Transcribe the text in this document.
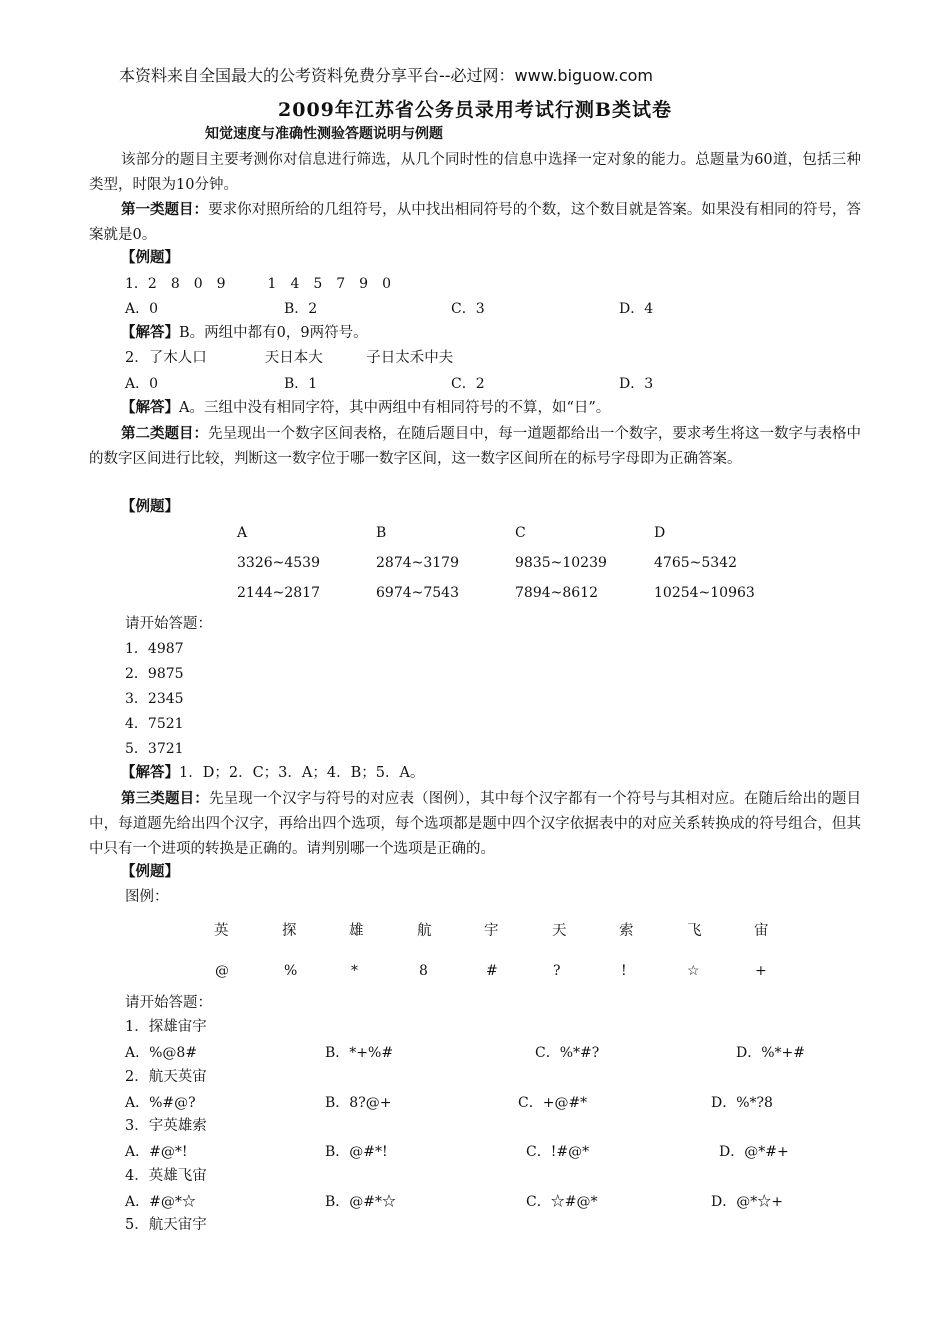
本资料来自全国最大的公考资料免费分享平台--必过网：www.biguow.com
2009年江苏省公务员录用考试行测B类试卷
知觉速度与准确性测验答题说明与例题
该部分的题目主要考测你对信息进行筛选，从几个同时性的信息中选择一定对象的能力。总题量为60道，包括三种类型，时限为10分钟。
第一类题目：要求你对照所给的几组符号，从中找出相同符号的个数，这个数目就是答案。如果没有相同的符号，答案就是0。
【例题】
1．2　8　0　9　　　1　4　5　7　9　0
A．0	B．2	C．3	D．4
【解答】B。两组中都有0，9两符号。
2．了木人口　　　　天日本大　　　子日太禾中夫
A．0	B．1	C．2	D．3
【解答】A。三组中没有相同字符，其中两组中有相同符号的不算，如“日”。
第二类题目：先呈现出一个数字区间表格，在随后题目中，每一道题都给出一个数字，要求考生将这一数字与表格中的数字区间进行比较，判断这一数字位于哪一数字区间，这一数字区间所在的标号字母即为正确答案。
【例题】
A	B	C	D
3326~4539	2874~3179	9835~10239	4765~5342
2144~2817	6974~7543	7894~8612	10254~10963
请开始答题：
1．4987
2．9875
3．2345
4．7521
5．3721
【解答】1．D；2．C；3．A；4．B；5．A。
第三类题目：先呈现一个汉字与符号的对应表（图例），其中每个汉字都有一个符号与其相对应。在随后给出的题目中，每道题先给出四个汉字，再给出四个选项，每个选项都是题中四个汉字依据表中的对应关系转换成的符号组合，但其中只有一个进项的转换是正确的。请判别哪一个选项是正确的。
【例题】
图例：
英	探	雄	航	宇	天	索	飞	宙
@	%	*	8	#	?	!	☆	+
请开始答题：
1．探雄宙宇
A．%@8#	B．*+%#	C．%*#?	D．%*+#
2．航天英宙
A．%#@?	B．8?@+	C．+@#*	D．%*?8
3．宇英雄索
A．#@*!	B．@#*!	C．!#@*	D．@*#+
4．英雄飞宙
A．#@*☆	B．@#*☆	C．☆#@*	D．@*☆+
5．航天宙宇
